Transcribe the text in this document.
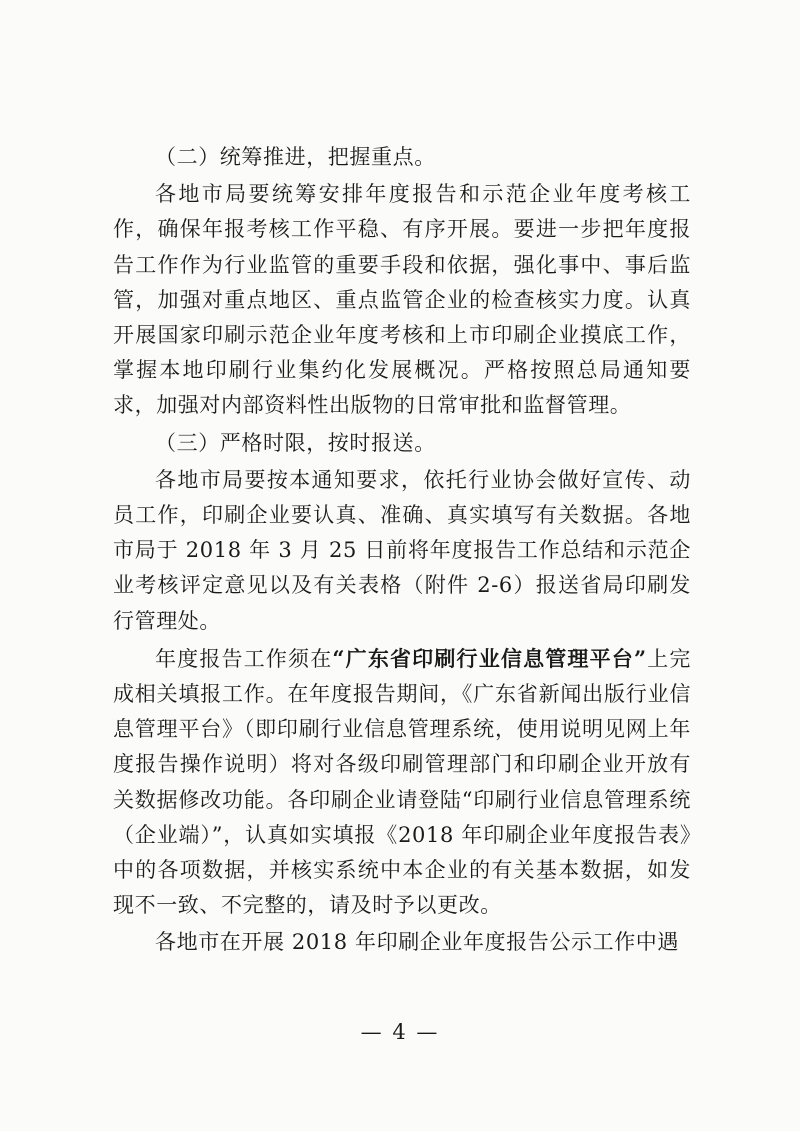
（二）统筹推进，把握重点。

各地市局要统筹安排年度报告和示范企业年度考核工作，确保年报考核工作平稳、有序开展。要进一步把年度报告工作作为行业监管的重要手段和依据，强化事中、事后监管，加强对重点地区、重点监管企业的检查核实力度。认真开展国家印刷示范企业年度考核和上市印刷企业摸底工作，掌握本地印刷行业集约化发展概况。严格按照总局通知要求，加强对内部资料性出版物的日常审批和监督管理。

（三）严格时限，按时报送。

各地市局要按本通知要求，依托行业协会做好宣传、动员工作，印刷企业要认真、准确、真实填写有关数据。各地市局于 2018 年 3 月 25 日前将年度报告工作总结和示范企业考核评定意见以及有关表格（附件 2-6）报送省局印刷发行管理处。

年度报告工作须在“广东省印刷行业信息管理平台”上完成相关填报工作。在年度报告期间，《广东省新闻出版行业信息管理平台》（即印刷行业信息管理系统，使用说明见网上年度报告操作说明）将对各级印刷管理部门和印刷企业开放有关数据修改功能。各印刷企业请登陆“印刷行业信息管理系统（企业端）”，认真如实填报《2018 年印刷企业年度报告表》中的各项数据，并核实系统中本企业的有关基本数据，如发现不一致、不完整的，请及时予以更改。

各地市在开展 2018 年印刷企业年度报告公示工作中遇

— 4 —
